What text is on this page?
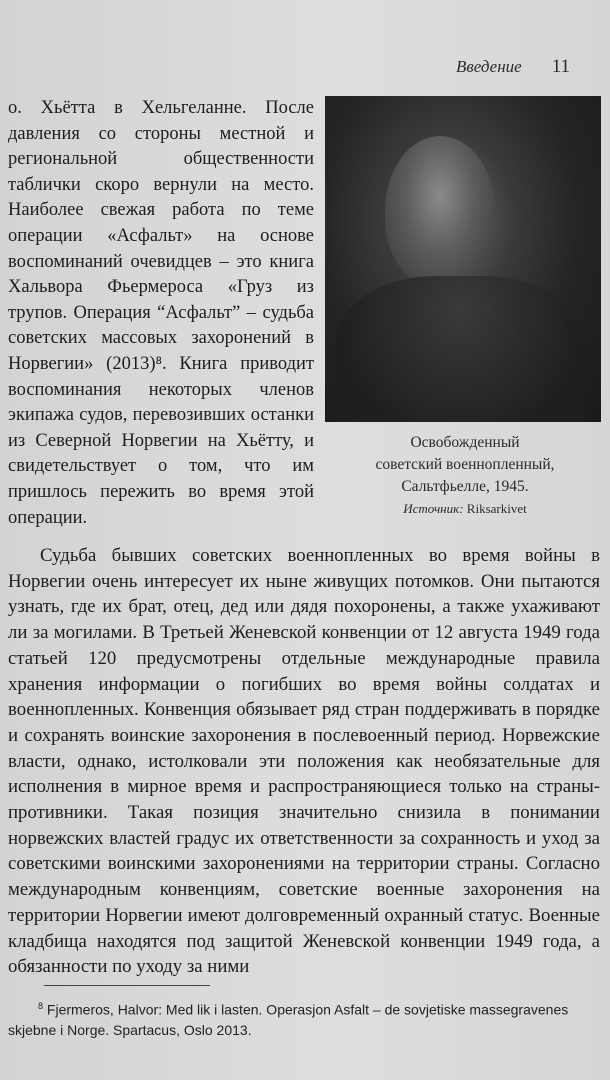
Введение 11

о. Хьётта в Хельгеланне. После давления со стороны местной и региональной общественности таблички скоро вернули на место. Наиболее свежая работа по теме операции «Асфальт» на основе воспоминаний очевидцев – это книга Хальвора Фьермероса «Груз из трупов. Операция “Асфальт” – судьба советских массовых захоронений в Норвегии» (2013)⁸. Книга приводит воспоминания некоторых членов экипажа судов, перевозивших останки из Северной Норвегии на Хьётту, и свидетельствует о том, что им пришлось пережить во время этой операции.

Освобожденный
советский военнопленный,
Сальтфьелле, 1945.
Источник: Riksarkivet

Судьба бывших советских военнопленных во время войны в Норвегии очень интересует их ныне живущих потомков. Они пытаются узнать, где их брат, отец, дед или дядя похоронены, а также ухаживают ли за могилами. В Третьей Женевской конвенции от 12 августа 1949 года статьей 120 предусмотрены отдельные международные правила хранения информации о погибших во время войны солдатах и военнопленных. Конвенция обязывает ряд стран поддерживать в порядке и сохранять воинские захоронения в послевоенный период. Норвежские власти, однако, истолковали эти положения как необязательные для исполнения в мирное время и распространяющиеся только на страны-противники. Такая позиция значительно снизила в понимании норвежских властей градус их ответственности за сохранность и уход за советскими воинскими захоронениями на территории страны. Согласно международным конвенциям, советские военные захоронения на территории Норвегии имеют долговременный охранный статус. Военные кладбища находятся под защитой Женевской конвенции 1949 года, а обязанности по уходу за ними

$^8$ Fjermeros, Halvor: Med lik i lasten. Operasjon Asfalt – de sovjetiske massegravenes skjebne i Norge. Spartacus, Oslo 2013.
